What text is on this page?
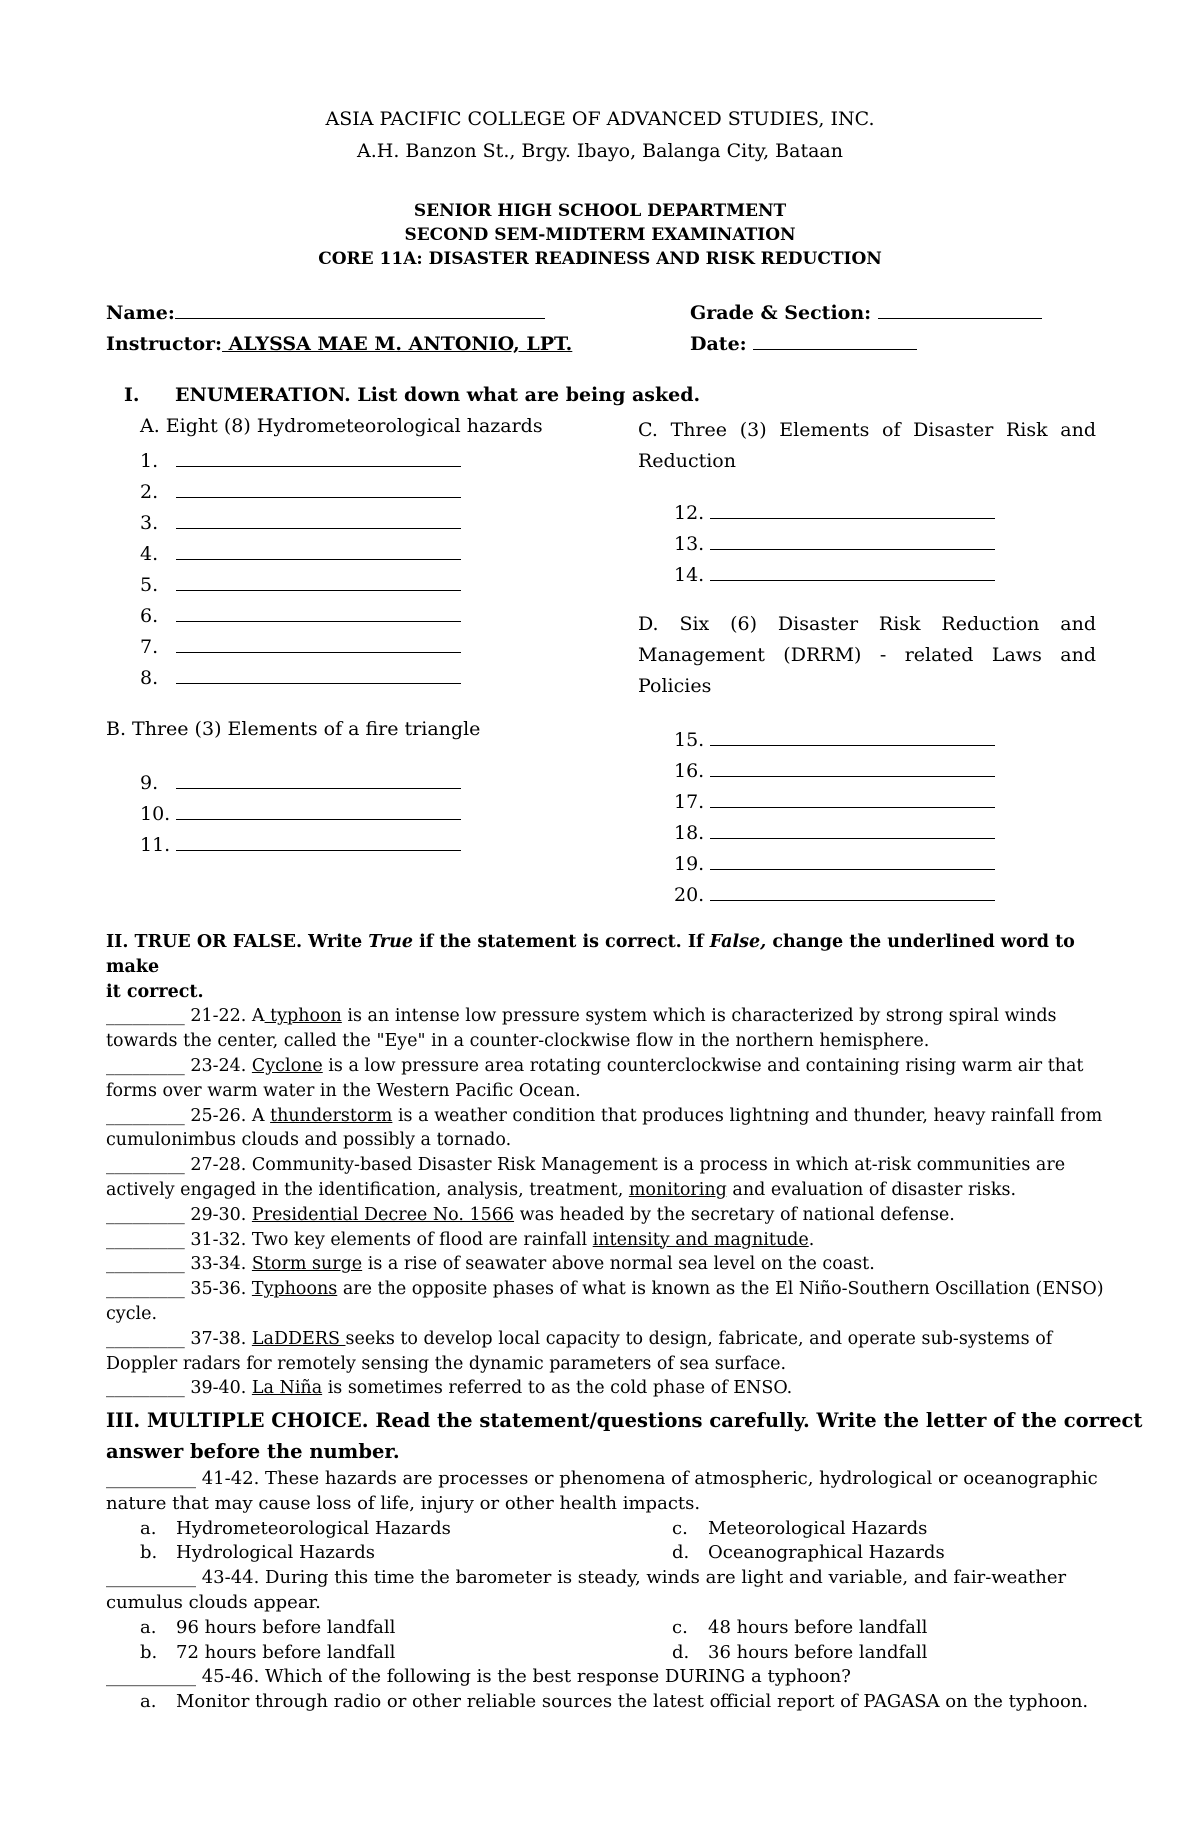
ASIA PACIFIC COLLEGE OF ADVANCED STUDIES, INC.
A.H. Banzon St., Brgy. Ibayo, Balanga City, Bataan
SENIOR HIGH SCHOOL DEPARTMENT
SECOND SEM-MIDTERM EXAMINATION
CORE 11A: DISASTER READINESS AND RISK REDUCTION
Name:	Grade & Section:
Instructor: ALYSSA MAE M. ANTONIO, LPT.	Date:
I. ENUMERATION. List down what are being asked.
A. Eight (8) Hydrometeorological hazards
1.
2.
3.
4.
5.
6.
7.
8.
B. Three (3) Elements of a fire triangle
9.
10.
11.
C. Three (3) Elements of Disaster Risk and
Reduction
12.
13.
14.
D. Six (6) Disaster Risk Reduction and
Management (DRRM) - related Laws and
Policies
15.
16.
17.
18.
19.
20.
II. TRUE OR FALSE. Write True if the statement is correct. If False, change the underlined word to make
it correct.
_________ 21-22. A typhoon is an intense low pressure system which is characterized by strong spiral winds
towards the center, called the "Eye" in a counter-clockwise flow in the northern hemisphere.
_________ 23-24. Cyclone is a low pressure area rotating counterclockwise and containing rising warm air that
forms over warm water in the Western Pacific Ocean.
_________ 25-26. A thunderstorm is a weather condition that produces lightning and thunder, heavy rainfall from
cumulonimbus clouds and possibly a tornado.
_________ 27-28. Community-based Disaster Risk Management is a process in which at-risk communities are
actively engaged in the identification, analysis, treatment, monitoring and evaluation of disaster risks.
_________ 29-30. Presidential Decree No. 1566 was headed by the secretary of national defense.
_________ 31-32. Two key elements of flood are rainfall intensity and magnitude.
_________ 33-34. Storm surge is a rise of seawater above normal sea level on the coast.
_________ 35-36. Typhoons are the opposite phases of what is known as the El Niño-Southern Oscillation (ENSO)
cycle.
_________ 37-38. LaDDERS seeks to develop local capacity to design, fabricate, and operate sub-systems of
Doppler radars for remotely sensing the dynamic parameters of sea surface.
_________ 39-40. La Niña is sometimes referred to as the cold phase of ENSO.
III. MULTIPLE CHOICE. Read the statement/questions carefully. Write the letter of the correct
answer before the number.
__________ 41-42. These hazards are processes or phenomena of atmospheric, hydrological or oceanographic
nature that may cause loss of life, injury or other health impacts.
a. Hydrometeorological Hazards	c. Meteorological Hazards
b. Hydrological Hazards	d. Oceanographical Hazards
__________ 43-44. During this time the barometer is steady, winds are light and variable, and fair-weather
cumulus clouds appear.
a. 96 hours before landfall	c. 48 hours before landfall
b. 72 hours before landfall	d. 36 hours before landfall
__________ 45-46. Which of the following is the best response DURING a typhoon?
a. Monitor through radio or other reliable sources the latest official report of PAGASA on the typhoon.
